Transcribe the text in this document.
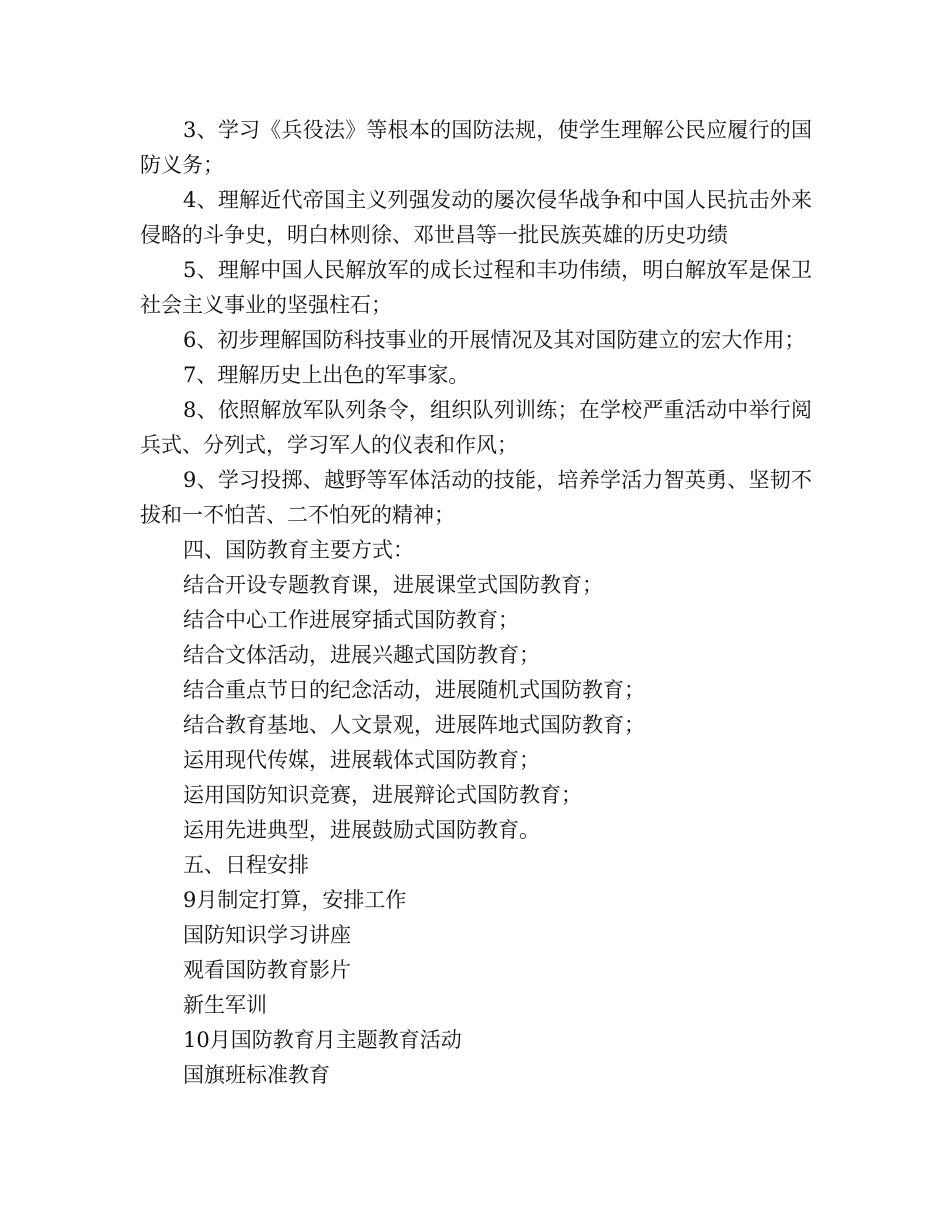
3、学习《兵役法》等根本的国防法规，使学生理解公民应履行的国防义务；

4、理解近代帝国主义列强发动的屡次侵华战争和中国人民抗击外来侵略的斗争史，明白林则徐、邓世昌等一批民族英雄的历史功绩

5、理解中国人民解放军的成长过程和丰功伟绩，明白解放军是保卫社会主义事业的坚强柱石；

6、初步理解国防科技事业的开展情况及其对国防建立的宏大作用；

7、理解历史上出色的军事家。

8、依照解放军队列条令，组织队列训练；在学校严重活动中举行阅兵式、分列式，学习军人的仪表和作风；

9、学习投掷、越野等军体活动的技能，培养学活力智英勇、坚韧不拔和一不怕苦、二不怕死的精神；

四、国防教育主要方式：

结合开设专题教育课，进展课堂式国防教育；

结合中心工作进展穿插式国防教育；

结合文体活动，进展兴趣式国防教育；

结合重点节日的纪念活动，进展随机式国防教育；

结合教育基地、人文景观，进展阵地式国防教育；

运用现代传媒，进展载体式国防教育；

运用国防知识竞赛，进展辩论式国防教育；

运用先进典型，进展鼓励式国防教育。

五、日程安排

9月制定打算，安排工作

国防知识学习讲座

观看国防教育影片

新生军训

10月国防教育月主题教育活动

国旗班标准教育
